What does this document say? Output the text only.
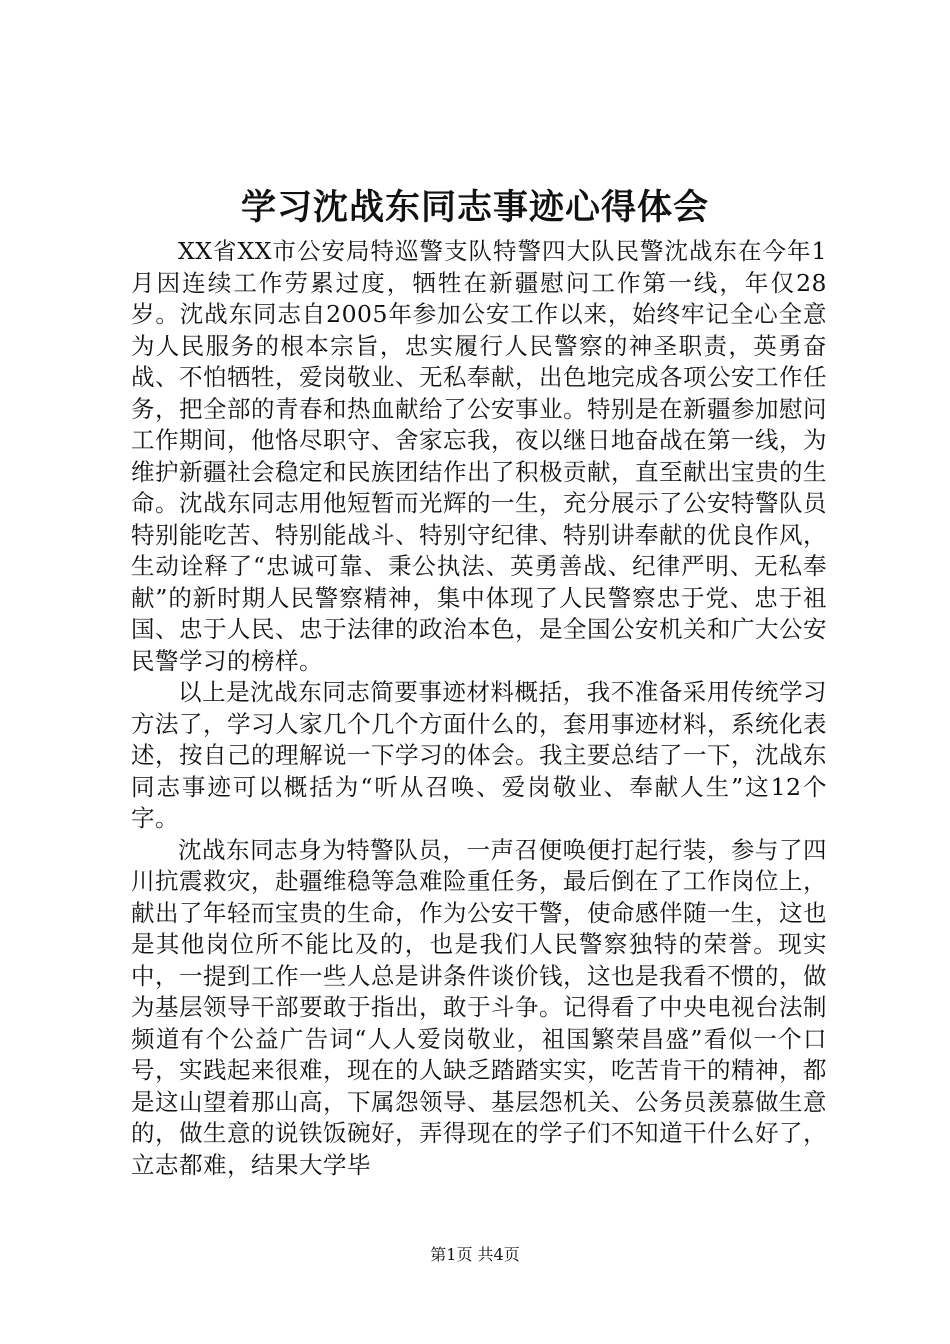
学习沈战东同志事迹心得体会

XX省XX市公安局特巡警支队特警四大队民警沈战东在今年1月因连续工作劳累过度，牺牲在新疆慰问工作第一线，年仅28岁。沈战东同志自2005年参加公安工作以来，始终牢记全心全意为人民服务的根本宗旨，忠实履行人民警察的神圣职责，英勇奋战、不怕牺牲，爱岗敬业、无私奉献，出色地完成各项公安工作任务，把全部的青春和热血献给了公安事业。特别是在新疆参加慰问工作期间，他恪尽职守、舍家忘我，夜以继日地奋战在第一线，为维护新疆社会稳定和民族团结作出了积极贡献，直至献出宝贵的生命。沈战东同志用他短暂而光辉的一生，充分展示了公安特警队员特别能吃苦、特别能战斗、特别守纪律、特别讲奉献的优良作风，生动诠释了“忠诚可靠、秉公执法、英勇善战、纪律严明、无私奉献”的新时期人民警察精神，集中体现了人民警察忠于党、忠于祖国、忠于人民、忠于法律的政治本色，是全国公安机关和广大公安民警学习的榜样。

以上是沈战东同志简要事迹材料概括，我不准备采用传统学习方法了，学习人家几个几个方面什么的，套用事迹材料，系统化表述，按自己的理解说一下学习的体会。我主要总结了一下，沈战东同志事迹可以概括为“听从召唤、爱岗敬业、奉献人生”这12个字。

沈战东同志身为特警队员，一声召便唤便打起行装，参与了四川抗震救灾，赴疆维稳等急难险重任务，最后倒在了工作岗位上，献出了年轻而宝贵的生命，作为公安干警，使命感伴随一生，这也是其他岗位所不能比及的，也是我们人民警察独特的荣誉。现实中，一提到工作一些人总是讲条件谈价钱，这也是我看不惯的，做为基层领导干部要敢于指出，敢于斗争。记得看了中央电视台法制频道有个公益广告词“人人爱岗敬业，祖国繁荣昌盛”看似一个口号，实践起来很难，现在的人缺乏踏踏实实，吃苦肯干的精神，都是这山望着那山高，下属怨领导、基层怨机关、公务员羡慕做生意的，做生意的说铁饭碗好，弄得现在的学子们不知道干什么好了，立志都难，结果大学毕

第1页 共4页
